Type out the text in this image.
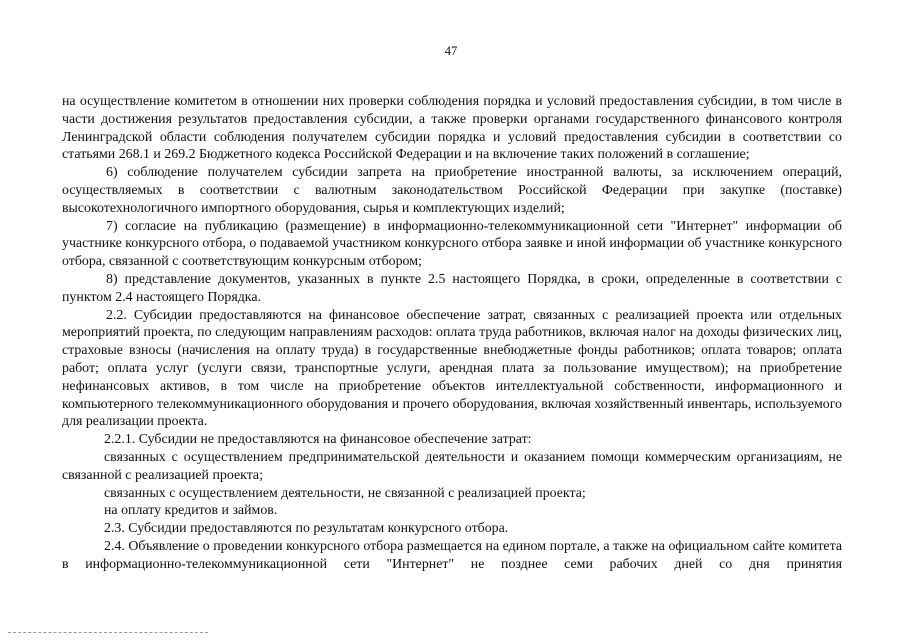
47

на осуществление комитетом в отношении них проверки соблюдения порядка и условий предоставления субсидии, в том числе в части достижения результатов предоставления субсидии, а также проверки органами государственного финансового контроля Ленинградской области соблюдения получателем субсидии порядка и условий предоставления субсидии в соответствии со статьями 268.1 и 269.2 Бюджетного кодекса Российской Федерации и на включение таких положений в соглашение;

6) соблюдение получателем субсидии запрета на приобретение иностранной валюты, за исключением операций, осуществляемых в соответствии с валютным законодательством Российской Федерации при закупке (поставке) высокотехнологичного импортного оборудования, сырья и комплектующих изделий;

7) согласие на публикацию (размещение) в информационно-телекоммуникационной сети "Интернет" информации об участнике конкурсного отбора, о подаваемой участником конкурсного отбора заявке и иной информации об участнике конкурсного отбора, связанной с соответствующим конкурсным отбором;

8) представление документов, указанных в пункте 2.5 настоящего Порядка, в сроки, определенные в соответствии с пунктом 2.4 настоящего Порядка.

2.2. Субсидии предоставляются на финансовое обеспечение затрат, связанных с реализацией проекта или отдельных мероприятий проекта, по следующим направлениям расходов: оплата труда работников, включая налог на доходы физических лиц, страховые взносы (начисления на оплату труда) в государственные внебюджетные фонды работников; оплата товаров; оплата работ; оплата услуг (услуги связи, транспортные услуги, арендная плата за пользование имуществом); на приобретение нефинансовых активов, в том числе на приобретение объектов интеллектуальной собственности, информационного и компьютерного телекоммуникационного оборудования и прочего оборудования, включая хозяйственный инвентарь, используемого для реализации проекта.

2.2.1. Субсидии не предоставляются на финансовое обеспечение затрат:

связанных с осуществлением предпринимательской деятельности и оказанием помощи коммерческим организациям, не связанной с реализацией проекта;

связанных с осуществлением деятельности, не связанной с реализацией проекта;

на оплату кредитов и займов.

2.3. Субсидии предоставляются по результатам конкурсного отбора.

2.4. Объявление о проведении конкурсного отбора размещается на едином портале, а также на официальном сайте комитета в информационно-телекоммуникационной сети "Интернет" не позднее семи рабочих дней со дня принятия
